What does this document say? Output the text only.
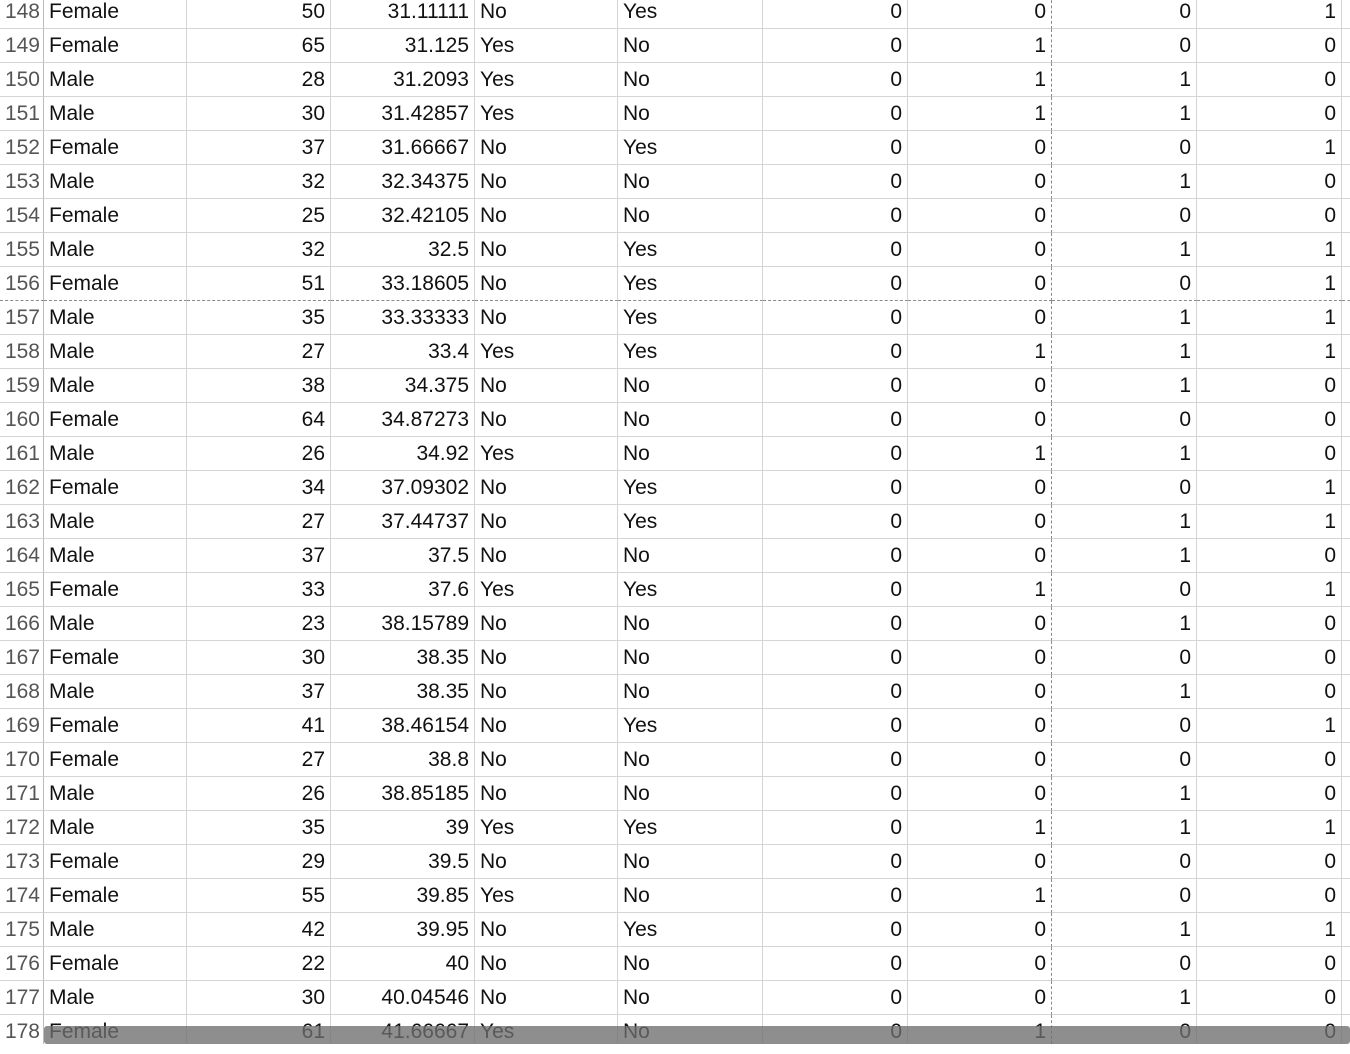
148 Female	50	31.11111 No	Yes	0	0	0	1
149 Female	65	31.125 Yes	No	0	1	0	0
150 Male	28	31.2093 Yes	No	0	1	1	0
151 Male	30	31.42857 Yes	No	0	1	1	0
152 Female	37	31.66667 No	Yes	0	0	0	1
153 Male	32	32.34375 No	No	0	0	1	0
154 Female	25	32.42105 No	No	0	0	0	0
155 Male	32	32.5 No	Yes	0	0	1	1
156 Female	51	33.18605 No	Yes	0	0	0	1
157 Male	35	33.33333 No	Yes	0	0	1	1
158 Male	27	33.4 Yes	Yes	0	1	1	1
159 Male	38	34.375 No	No	0	0	1	0
160 Female	64	34.87273 No	No	0	0	0	0
161 Male	26	34.92 Yes	No	0	1	1	0
162 Female	34	37.09302 No	Yes	0	0	0	1
163 Male	27	37.44737 No	Yes	0	0	1	1
164 Male	37	37.5 No	No	0	0	1	0
165 Female	33	37.6 Yes	Yes	0	1	0	1
166 Male	23	38.15789 No	No	0	0	1	0
167 Female	30	38.35 No	No	0	0	0	0
168 Male	37	38.35 No	No	0	0	1	0
169 Female	41	38.46154 No	Yes	0	0	0	1
170 Female	27	38.8 No	No	0	0	0	0
171 Male	26	38.85185 No	No	0	0	1	0
172 Male	35	39 Yes	Yes	0	1	1	1
173 Female	29	39.5 No	No	0	0	0	0
174 Female	55	39.85 Yes	No	0	1	0	0
175 Male	42	39.95 No	Yes	0	0	1	1
176 Female	22	40 No	No	0	0	0	0
177 Male	30	40.04546 No	No	0	0	1	0
178
